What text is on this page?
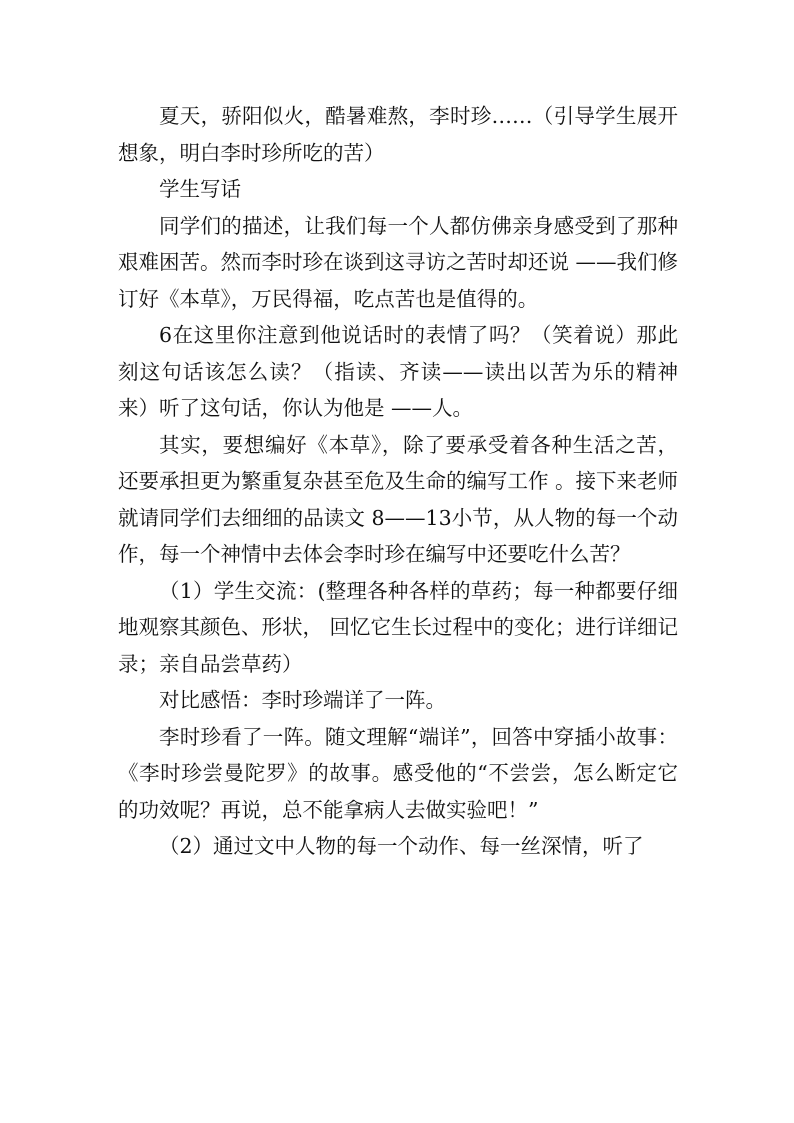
夏天，骄阳似火，酷暑难熬，李时珍……（引导学生展开想象，明白李时珍所吃的苦）

学生写话

同学们的描述，让我们每一个人都仿佛亲身感受到了那种艰难困苦。然而李时珍在谈到这寻访之苦时却还说 ——我们修订好《本草》，万民得福，吃点苦也是值得的。

6在这里你注意到他说话时的表情了吗？（笑着说）那此刻这句话该怎么读？（指读、齐读——读出以苦为乐的精神来）听了这句话，你认为他是 ——人。

其实，要想编好《本草》，除了要承受着各种生活之苦，还要承担更为繁重复杂甚至危及生命的编写工作 。接下来老师就请同学们去细细的品读文 8——13小节，从人物的每一个动作，每一个神情中去体会李时珍在编写中还要吃什么苦？

（1）学生交流：(整理各种各样的草药；每一种都要仔细地观察其颜色、形状， 回忆它生长过程中的变化；进行详细记录；亲自品尝草药）

对比感悟：李时珍端详了一阵。

李时珍看了一阵。随文理解“端详”，回答中穿插小故事：《李时珍尝曼陀罗》的故事。感受他的“不尝尝，怎么断定它的功效呢？再说，总不能拿病人去做实验吧！”

（2）通过文中人物的每一个动作、每一丝深情，听了
